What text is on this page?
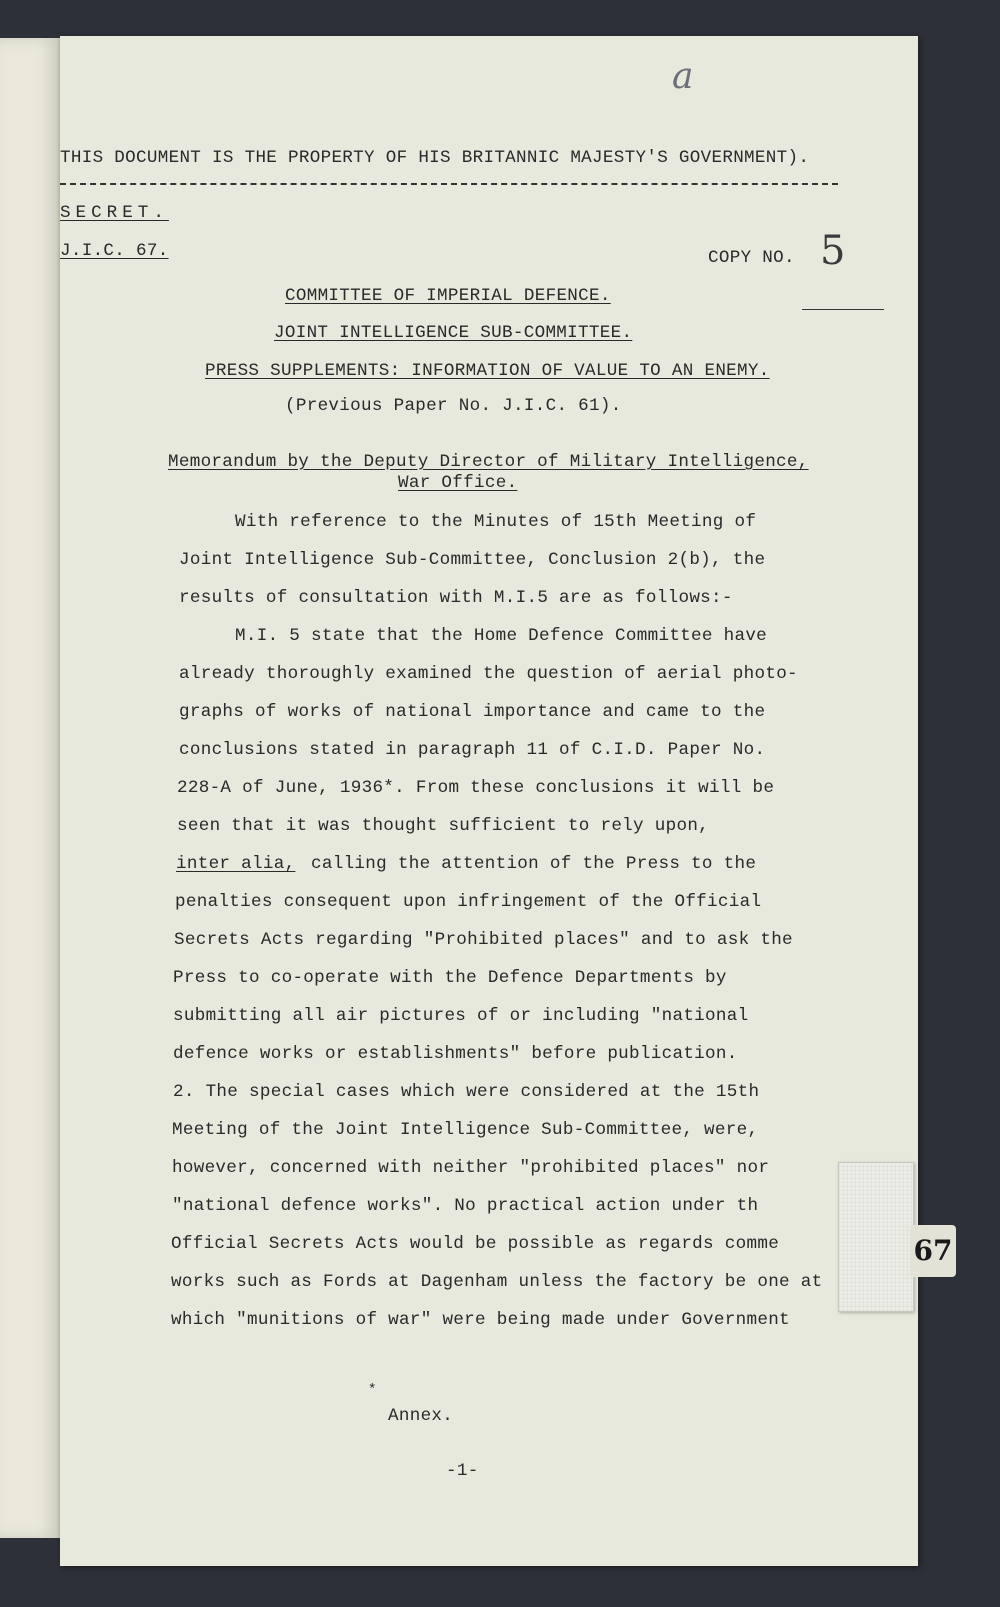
a
THIS DOCUMENT IS THE PROPERTY OF HIS BRITANNIC MAJESTY'S GOVERNMENT).
SECRET.
J.I.C. 67.	COPY NO. 5
COMMITTEE OF IMPERIAL DEFENCE.
JOINT INTELLIGENCE SUB-COMMITTEE.
PRESS SUPPLEMENTS: INFORMATION OF VALUE TO AN ENEMY.
(Previous Paper No. J.I.C. 61).
Memorandum by the Deputy Director of Military Intelligence,
War Office.
With reference to the Minutes of 15th Meeting of
Joint Intelligence Sub-Committee, Conclusion 2(b), the
results of consultation with M.I.5 are as follows:-
M.I. 5 state that the Home Defence Committee have
already thoroughly examined the question of aerial photo-
graphs of works of national importance and came to the
conclusions stated in paragraph 11 of C.I.D. Paper No.
228-A of June, 1936*. From these conclusions it will be
seen that it was thought sufficient to rely upon,
inter alia, calling the attention of the Press to the
penalties consequent upon infringement of the Official
Secrets Acts regarding "Prohibited places" and to ask the
Press to co-operate with the Defence Departments by
submitting all air pictures of or including "national
defence works or establishments" before publication.
2. The special cases which were considered at the 15th
Meeting of the Joint Intelligence Sub-Committee, were,
however, concerned with neither "prohibited places" nor
"national defence works". No practical action under th
Official Secrets Acts would be possible as regards comme
works such as Fords at Dagenham unless the factory be one at
which "munitions of war" were being made under Government
*
Annex.
-1-
67
